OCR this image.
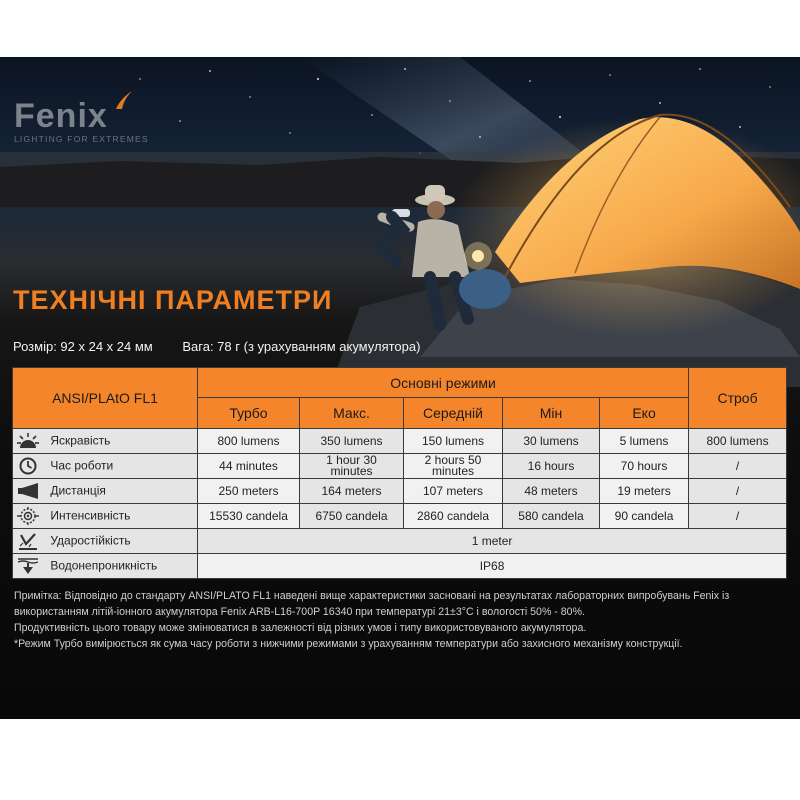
Fenix
LIGHTING FOR EXTREMES
ТЕХНІЧНІ ПАРАМЕТРИ
Розмір: 92 x 24 x 24 мм Вага: 78 г (з урахуванням акумулятора)
ANSI/PLAtO FL1	Основні режими					Строб
	Турбо	Макс.	Середній	Мін	Еко	
Яскравість	800 lumens	350 lumens	150 lumens	30 lumens	5 lumens	800 lumens
Час роботи	44 minutes	1 hour 30 minutes	2 hours 50 minutes	16 hours	70 hours	/
Дистанція	250 meters	164 meters	107 meters	48 meters	19 meters	/
Интенсивність	15530 candela	6750 candela	2860 candela	580 candela	90 candela	/
Ударостійкість	1 meter					
Водонепроникність	IP68					

Примітка: Відповідно до стандарту ANSI/PLATO FL1 наведені вище характеристики засновані на результатах лабораторних випробувань Fenix із використанням літій-іонного акумулятора Fenix ARB-L16-700P 16340 при температурі 21±3°C і вологості 50% - 80%.

Продуктивність цього товару може змінюватися в залежності від різних умов і типу використовуваного акумулятора.

*Режим Турбо вимірюється як сума часу роботи з нижчими режимами з урахуванням температури або захисного механізму конструкції.
